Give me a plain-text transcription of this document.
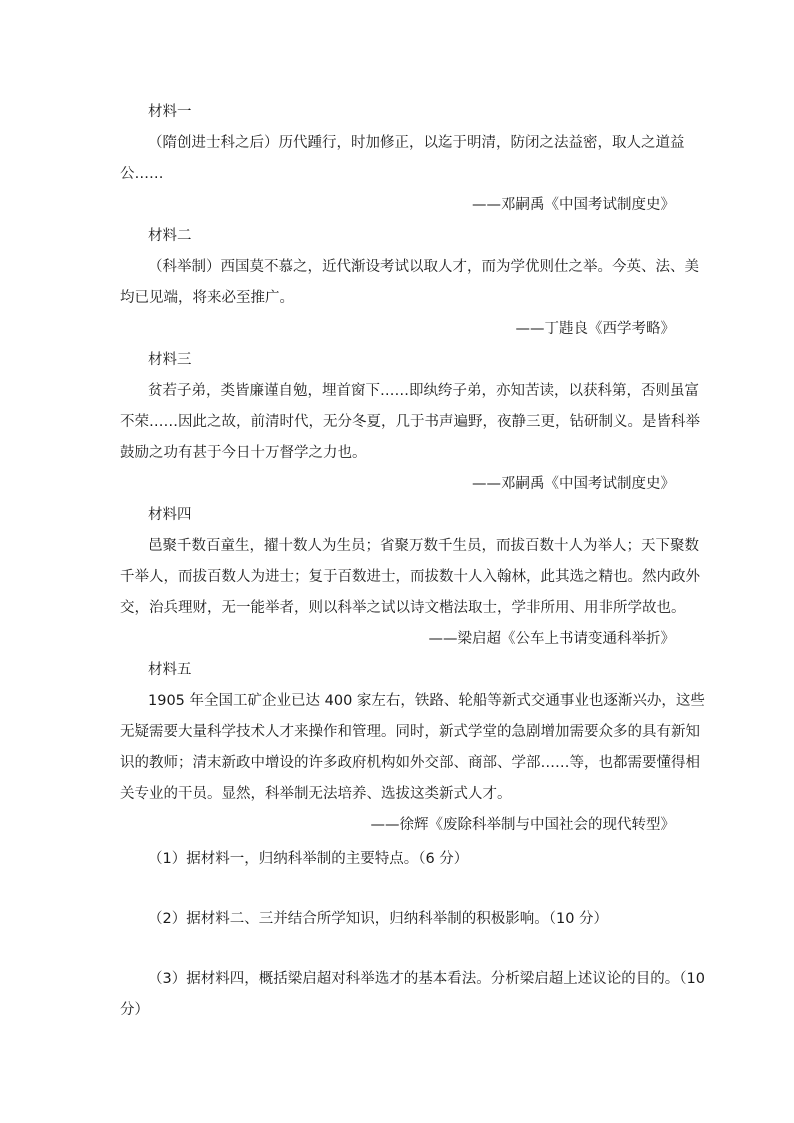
材料一

（隋创进士科之后）历代踵行，时加修正，以迄于明清，防闭之法益密，取人之道益
公……

——邓嗣禹《中国考试制度史》

材料二

（科举制）西国莫不慕之，近代渐设考试以取人才，而为学优则仕之举。今英、法、美
均已见端，将来必至推广。

——丁韪良《西学考略》

材料三

贫若子弟，类皆廉谨自勉，埋首窗下……即纨绔子弟，亦知苦读，以获科第，否则虽富
不荣……因此之故，前清时代，无分冬夏，几于书声遍野，夜静三更，钻研制义。是皆科举
鼓励之功有甚于今日十万督学之力也。

——邓嗣禹《中国考试制度史》

材料四

邑聚千数百童生，擢十数人为生员；省聚万数千生员，而拔百数十人为举人；天下聚数
千举人，而拔百数人为进士；复于百数进士，而拔数十人入翰林，此其选之精也。然内政外
交，治兵理财，无一能举者，则以科举之试以诗文楷法取士，学非所用、用非所学故也。

——梁启超《公车上书请变通科举折》

材料五

1905 年全国工矿企业已达 400 家左右，铁路、轮船等新式交通事业也逐渐兴办，这些
无疑需要大量科学技术人才来操作和管理。同时，新式学堂的急剧增加需要众多的具有新知
识的教师；清末新政中增设的许多政府机构如外交部、商部、学部……等，也都需要懂得相
关专业的干员。显然，科举制无法培养、选拔这类新式人才。

——徐辉《废除科举制与中国社会的现代转型》

（1）据材料一，归纳科举制的主要特点。（6 分）

（2）据材料二、三并结合所学知识，归纳科举制的积极影响。（10 分）

（3）据材料四，概括梁启超对科举选才的基本看法。分析梁启超上述议论的目的。（10
分）
